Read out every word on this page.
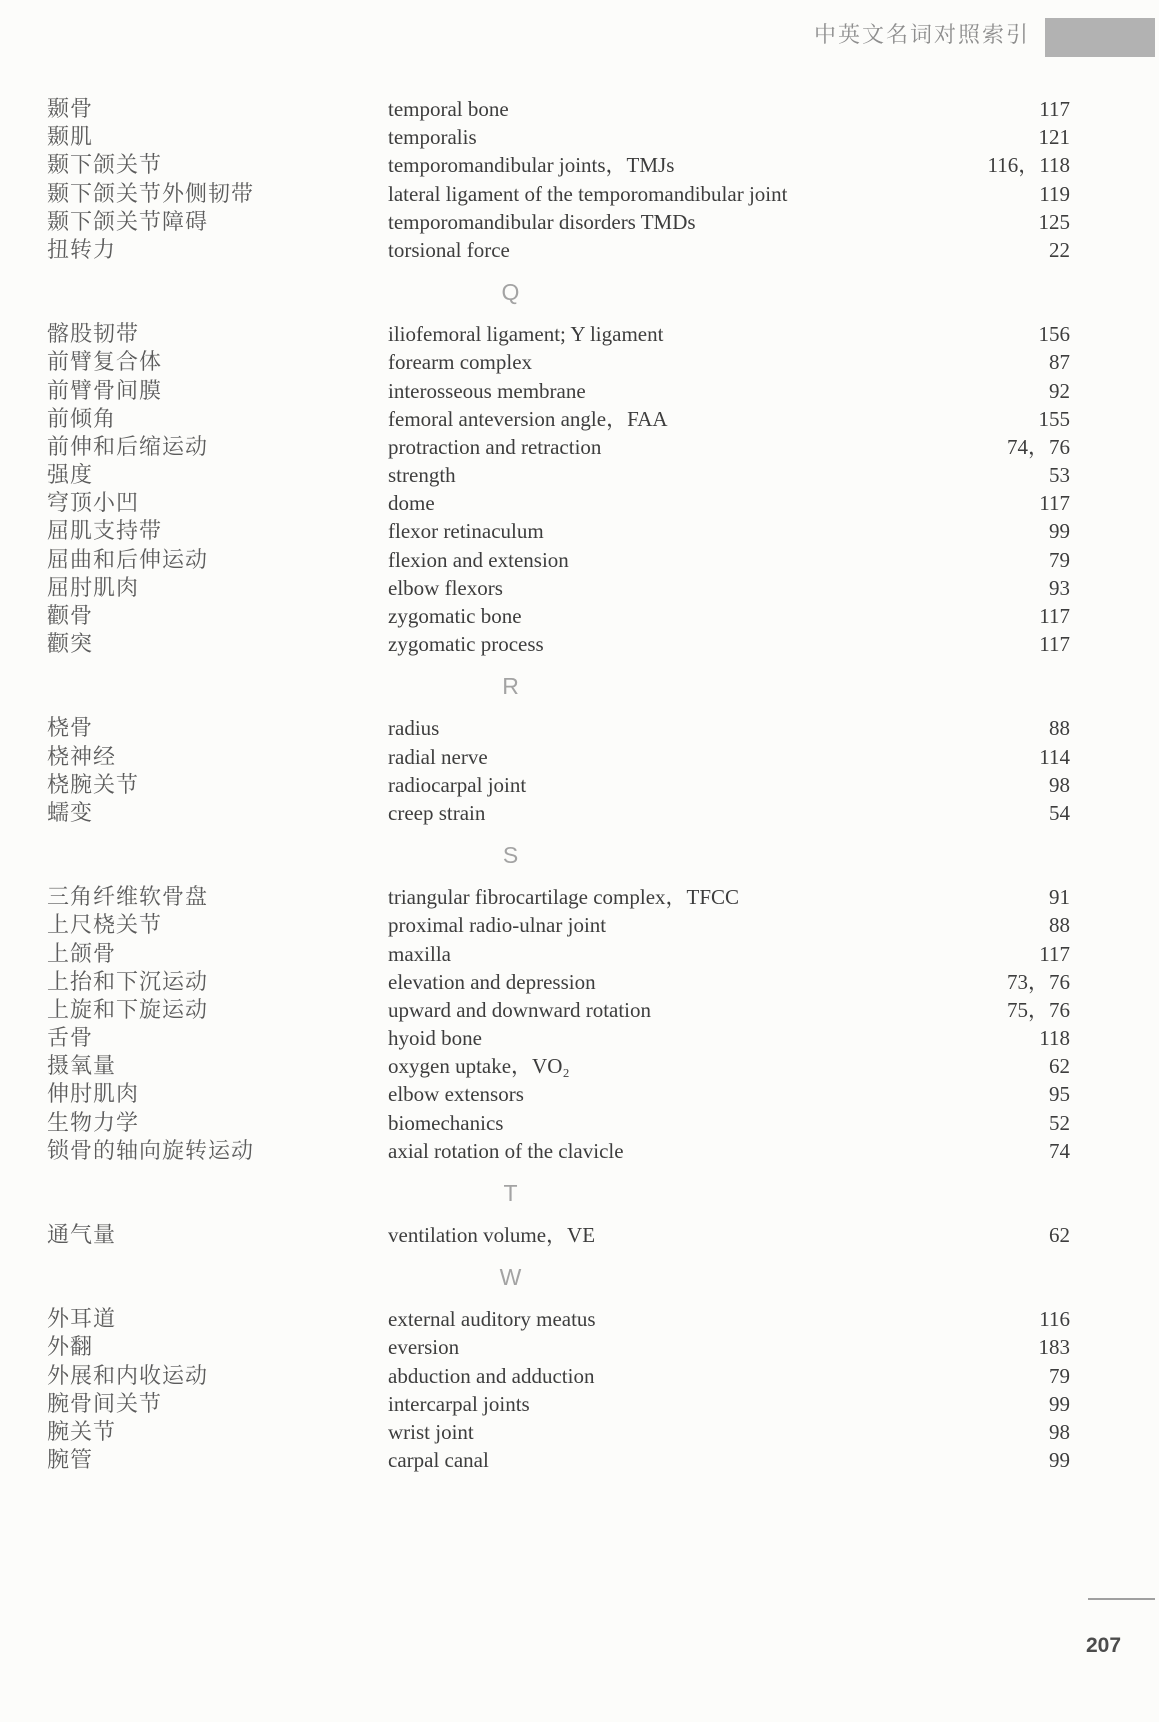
中英文名词对照索引
颞骨	temporal bone	117
颞肌	temporalis	121
颞下颌关节	temporomandibular joints，TMJs	116，118
颞下颌关节外侧韧带	lateral ligament of the temporomandibular joint	119
颞下颌关节障碍	temporomandibular disorders TMDs	125
扭转力	torsional force	22
Q
髂股韧带	iliofemoral ligament; Y ligament	156
前臂复合体	forearm complex	87
前臂骨间膜	interosseous membrane	92
前倾角	femoral anteversion angle，FAA	155
前伸和后缩运动	protraction and retraction	74，76
强度	strength	53
穹顶小凹	dome	117
屈肌支持带	flexor retinaculum	99
屈曲和后伸运动	flexion and extension	79
屈肘肌肉	elbow flexors	93
颧骨	zygomatic bone	117
颧突	zygomatic process	117
R
桡骨	radius	88
桡神经	radial nerve	114
桡腕关节	radiocarpal joint	98
蠕变	creep strain	54
S
三角纤维软骨盘	triangular fibrocartilage complex，TFCC	91
上尺桡关节	proximal radio-ulnar joint	88
上颌骨	maxilla	117
上抬和下沉运动	elevation and depression	73，76
上旋和下旋运动	upward and downward rotation	75，76
舌骨	hyoid bone	118
摄氧量	oxygen uptake，VO₂	62
伸肘肌肉	elbow extensors	95
生物力学	biomechanics	52
锁骨的轴向旋转运动	axial rotation of the clavicle	74
T
通气量	ventilation volume，VE	62
W
外耳道	external auditory meatus	116
外翻	eversion	183
外展和内收运动	abduction and adduction	79
腕骨间关节	intercarpal joints	99
腕关节	wrist joint	98
腕管	carpal canal	99
207
